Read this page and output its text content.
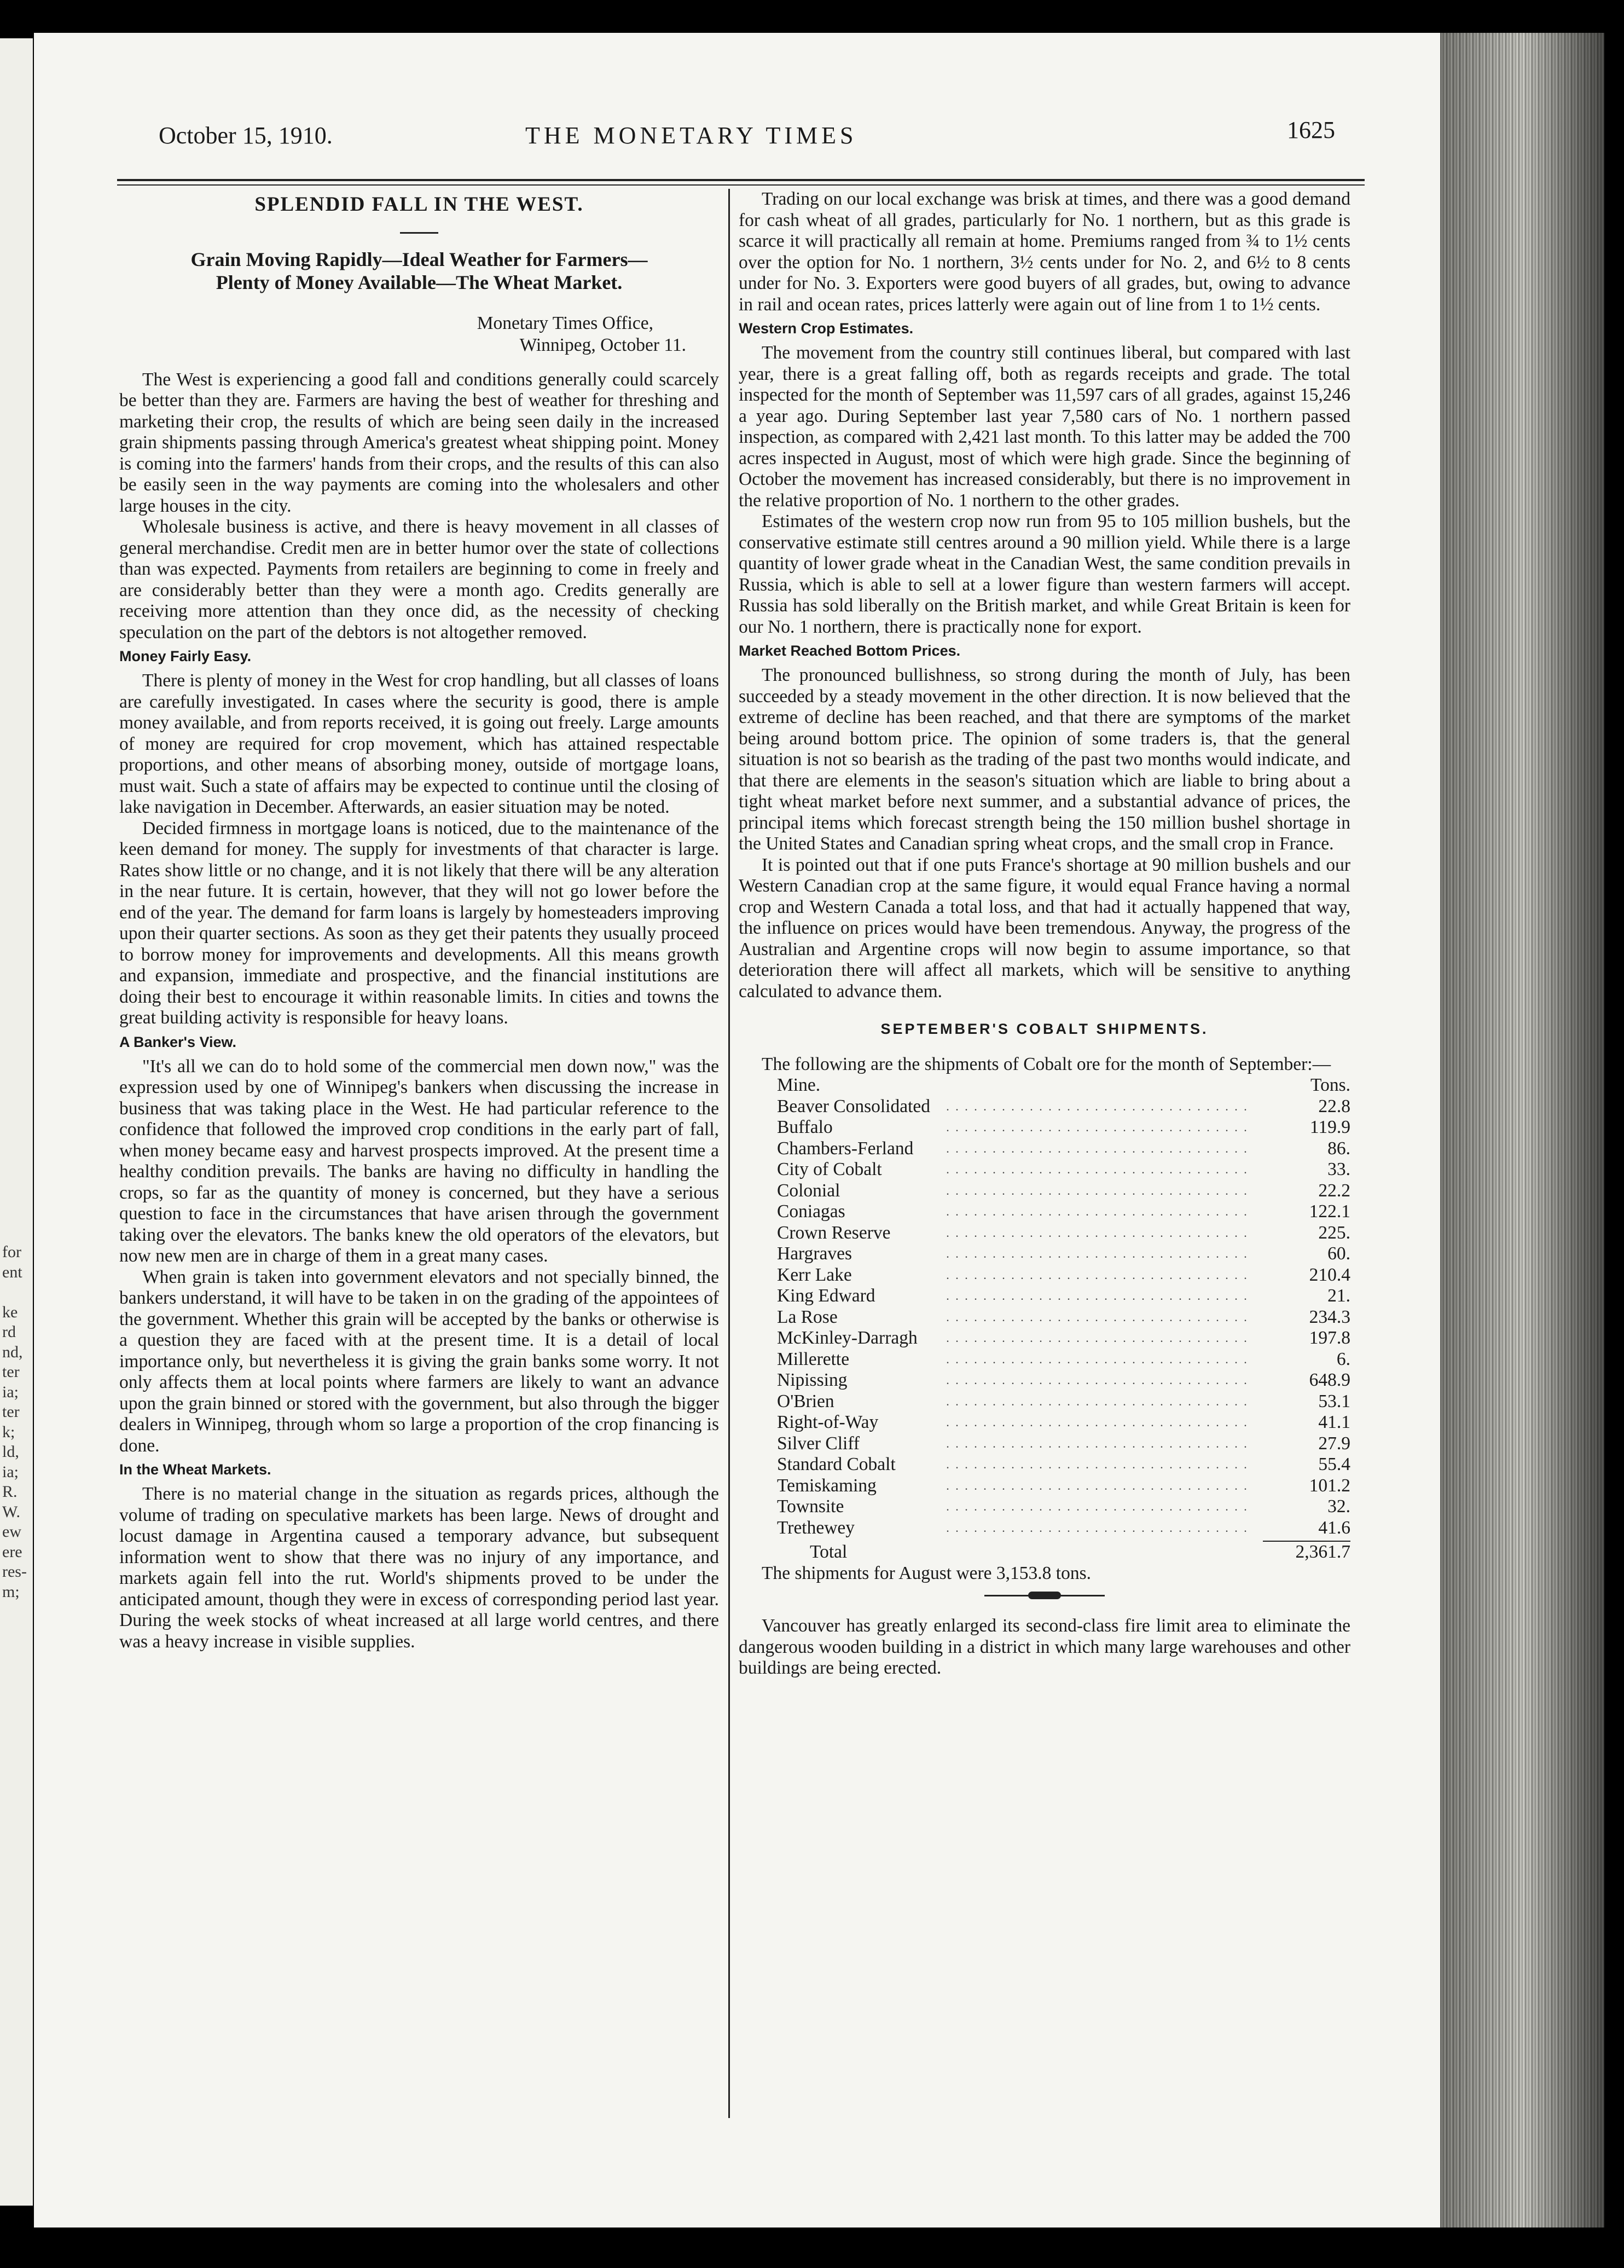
for
ent
ke
rd
nd,
ter
ia;
ter
k;
ld,
ia;
R.
W.
ew
ere
res-
m;
October 15, 1910.	THE MONETARY TIMES	1625
SPLENDID FALL IN THE WEST.
Grain Moving Rapidly—Ideal Weather for Farmers—
Plenty of Money Available—The Wheat Market.
Monetary Times Office,
Winnipeg, October 11.

The West is experiencing a good fall and conditions generally could scarcely be better than they are. Farmers are having the best of weather for threshing and marketing their crop, the results of which are being seen daily in the increased grain shipments passing through America's greatest wheat shipping point. Money is coming into the farmers' hands from their crops, and the results of this can also be easily seen in the way payments are coming into the wholesalers and other large houses in the city.

Wholesale business is active, and there is heavy movement in all classes of general merchandise. Credit men are in better humor over the state of collections than was expected. Payments from retailers are beginning to come in freely and are considerably better than they were a month ago. Credits generally are receiving more attention than they once did, as the necessity of checking speculation on the part of the debtors is not altogether removed.

Money Fairly Easy.

There is plenty of money in the West for crop handling, but all classes of loans are carefully investigated. In cases where the security is good, there is ample money available, and from reports received, it is going out freely. Large amounts of money are required for crop movement, which has attained respectable proportions, and other means of absorbing money, outside of mortgage loans, must wait. Such a state of affairs may be expected to continue until the closing of lake navigation in December. Afterwards, an easier situation may be noted.

Decided firmness in mortgage loans is noticed, due to the maintenance of the keen demand for money. The supply for investments of that character is large. Rates show little or no change, and it is not likely that there will be any alteration in the near future. It is certain, however, that they will not go lower before the end of the year. The demand for farm loans is largely by homesteaders improving upon their quarter sections. As soon as they get their patents they usually proceed to borrow money for improvements and developments. All this means growth and expansion, immediate and prospective, and the financial institutions are doing their best to encourage it within reasonable limits. In cities and towns the great building activity is responsible for heavy loans.

A Banker's View.

"It's all we can do to hold some of the commercial men down now," was the expression used by one of Winnipeg's bankers when discussing the increase in business that was taking place in the West. He had particular reference to the confidence that followed the improved crop conditions in the early part of fall, when money became easy and harvest prospects improved. At the present time a healthy condition prevails. The banks are having no difficulty in handling the crops, so far as the quantity of money is concerned, but they have a serious question to face in the circumstances that have arisen through the government taking over the elevators. The banks knew the old operators of the elevators, but now new men are in charge of them in a great many cases.

When grain is taken into government elevators and not specially binned, the bankers understand, it will have to be taken in on the grading of the appointees of the government. Whether this grain will be accepted by the banks or otherwise is a question they are faced with at the present time. It is a detail of local importance only, but nevertheless it is giving the grain banks some worry. It not only affects them at local points where farmers are likely to want an advance upon the grain binned or stored with the government, but also through the bigger dealers in Winnipeg, through whom so large a proportion of the crop financing is done.

In the Wheat Markets.

There is no material change in the situation as regards prices, although the volume of trading on speculative markets has been large. News of drought and locust damage in Argentina caused a temporary advance, but subsequent information went to show that there was no injury of any importance, and markets again fell into the rut. World's shipments proved to be under the anticipated amount, though they were in excess of corresponding period last year. During the week stocks of wheat increased at all large world centres, and there was a heavy increase in visible supplies.

Trading on our local exchange was brisk at times, and there was a good demand for cash wheat of all grades, particularly for No. 1 northern, but as this grade is scarce it will practically all remain at home. Premiums ranged from ¾ to 1½ cents over the option for No. 1 northern, 3½ cents under for No. 2, and 6½ to 8 cents under for No. 3. Exporters were good buyers of all grades, but, owing to advance in rail and ocean rates, prices latterly were again out of line from 1 to 1½ cents.

Western Crop Estimates.

The movement from the country still continues liberal, but compared with last year, there is a great falling off, both as regards receipts and grade. The total inspected for the month of September was 11,597 cars of all grades, against 15,246 a year ago. During September last year 7,580 cars of No. 1 northern passed inspection, as compared with 2,421 last month. To this latter may be added the 700 acres inspected in August, most of which were high grade. Since the beginning of October the movement has increased considerably, but there is no improvement in the relative proportion of No. 1 northern to the other grades.

Estimates of the western crop now run from 95 to 105 million bushels, but the conservative estimate still centres around a 90 million yield. While there is a large quantity of lower grade wheat in the Canadian West, the same condition prevails in Russia, which is able to sell at a lower figure than western farmers will accept. Russia has sold liberally on the British market, and while Great Britain is keen for our No. 1 northern, there is practically none for export.

Market Reached Bottom Prices.

The pronounced bullishness, so strong during the month of July, has been succeeded by a steady movement in the other direction. It is now believed that the extreme of decline has been reached, and that there are symptoms of the market being around bottom price. The opinion of some traders is, that the general situation is not so bearish as the trading of the past two months would indicate, and that there are elements in the season's situation which are liable to bring about a tight wheat market before next summer, and a substantial advance of prices, the principal items which forecast strength being the 150 million bushel shortage in the United States and Canadian spring wheat crops, and the small crop in France.

It is pointed out that if one puts France's shortage at 90 million bushels and our Western Canadian crop at the same figure, it would equal France having a normal crop and Western Canada a total loss, and that had it actually happened that way, the influence on prices would have been tremendous. Anyway, the progress of the Australian and Argentine crops will now begin to assume importance, so that deterioration there will affect all markets, which will be sensitive to anything calculated to advance them.

SEPTEMBER'S COBALT SHIPMENTS.

The following are the shipments of Cobalt ore for the month of September:—

Mine.		Tons.
Beaver Consolidated	. . . . . . . . . . . . . . . . . . . . . . . . . . . . . . . . .	22.8
Buffalo	. . . . . . . . . . . . . . . . . . . . . . . . . . . . . . . . .	119.9
Chambers-Ferland	. . . . . . . . . . . . . . . . . . . . . . . . . . . . . . . . .	86.
City of Cobalt	. . . . . . . . . . . . . . . . . . . . . . . . . . . . . . . . .	33.
Colonial	. . . . . . . . . . . . . . . . . . . . . . . . . . . . . . . . .	22.2
Coniagas	. . . . . . . . . . . . . . . . . . . . . . . . . . . . . . . . .	122.1
Crown Reserve	. . . . . . . . . . . . . . . . . . . . . . . . . . . . . . . . .	225.
Hargraves	. . . . . . . . . . . . . . . . . . . . . . . . . . . . . . . . .	60.
Kerr Lake	. . . . . . . . . . . . . . . . . . . . . . . . . . . . . . . . .	210.4
King Edward	. . . . . . . . . . . . . . . . . . . . . . . . . . . . . . . . .	21.
La Rose	. . . . . . . . . . . . . . . . . . . . . . . . . . . . . . . . .	234.3
McKinley-Darragh	. . . . . . . . . . . . . . . . . . . . . . . . . . . . . . . . .	197.8
Millerette	. . . . . . . . . . . . . . . . . . . . . . . . . . . . . . . . .	6.
Nipissing	. . . . . . . . . . . . . . . . . . . . . . . . . . . . . . . . .	648.9
O'Brien	. . . . . . . . . . . . . . . . . . . . . . . . . . . . . . . . .	53.1
Right-of-Way	. . . . . . . . . . . . . . . . . . . . . . . . . . . . . . . . .	41.1
Silver Cliff	. . . . . . . . . . . . . . . . . . . . . . . . . . . . . . . . .	27.9
Standard Cobalt	. . . . . . . . . . . . . . . . . . . . . . . . . . . . . . . . .	55.4
Temiskaming	. . . . . . . . . . . . . . . . . . . . . . . . . . . . . . . . .	101.2
Townsite	. . . . . . . . . . . . . . . . . . . . . . . . . . . . . . . . .	32.
Trethewey	. . . . . . . . . . . . . . . . . . . . . . . . . . . . . . . . .	41.6
Total		2,361.7

The shipments for August were 3,153.8 tons.

Vancouver has greatly enlarged its second-class fire limit area to eliminate the dangerous wooden building in a district in which many large warehouses and other buildings are being erected.
